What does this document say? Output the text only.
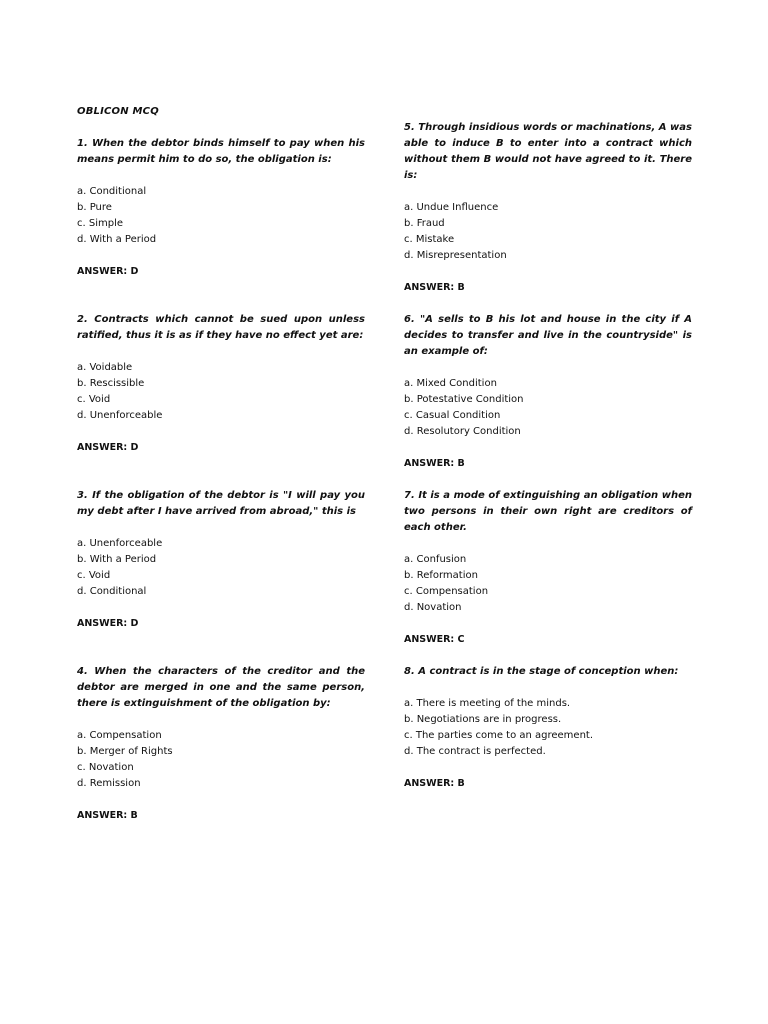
OBLICON MCQ

1. When the debtor binds himself to pay when his means permit him to do so, the obligation is:

a. Conditional
b. Pure
c. Simple
d. With a Period

ANSWER: D

2. Contracts which cannot be sued upon unless ratified, thus it is as if they have no effect yet are:

a. Voidable
b. Rescissible
c. Void
d. Unenforceable

ANSWER: D

3. If the obligation of the debtor is "I will pay you my debt after I have arrived from abroad," this is

a. Unenforceable
b. With a Period
c. Void
d. Conditional

ANSWER: D

4. When the characters of the creditor and the debtor are merged in one and the same person, there is extinguishment of the obligation by:

a. Compensation
b. Merger of Rights
c. Novation
d. Remission

ANSWER: B

5. Through insidious words or machinations, A was able to induce B to enter into a contract which without them B would not have agreed to it. There is:

a. Undue Influence
b. Fraud
c. Mistake
d. Misrepresentation

ANSWER: B

6. "A sells to B his lot and house in the city if A decides to transfer and live in the countryside" is an example of:

a. Mixed Condition
b. Potestative Condition
c. Casual Condition
d. Resolutory Condition

ANSWER: B

7. It is a mode of extinguishing an obligation when two persons in their own right are creditors of each other.

a. Confusion
b. Reformation
c. Compensation
d. Novation

ANSWER: C

8. A contract is in the stage of conception when:

a. There is meeting of the minds.
b. Negotiations are in progress.
c. The parties come to an agreement.
d. The contract is perfected.

ANSWER: B
